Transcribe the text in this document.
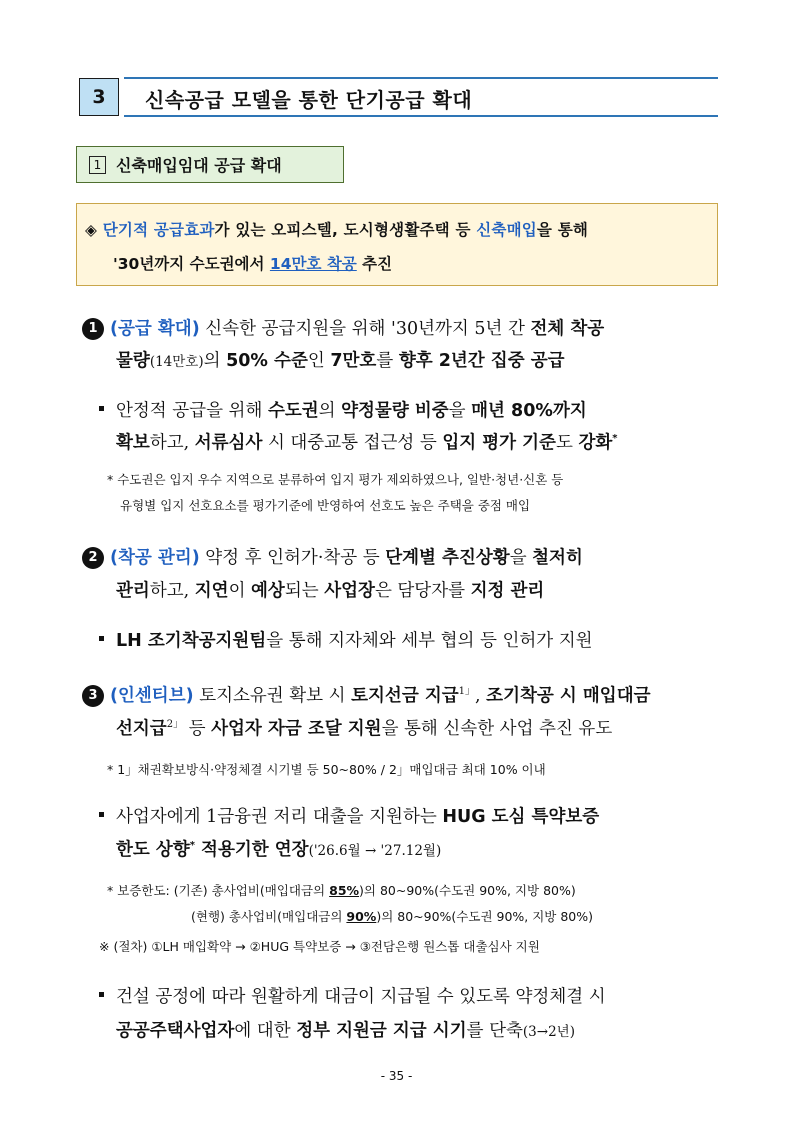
3 신속공급 모델을 통한 단기공급 확대
1 신축매입임대 공급 확대
◈ 단기적 공급효과가 있는 오피스텔, 도시형생활주택 등 신축매입을 통해
'30년까지 수도권에서 14만호 착공 추진
1 (공급 확대) 신속한 공급지원을 위해 '30년까지 5년 간 전체 착공
물량(14만호)의 50% 수준인 7만호를 향후 2년간 집중 공급
안정적 공급을 위해 수도권의 약정물량 비중을 매년 80%까지
확보하고, 서류심사 시 대중교통 접근성 등 입지 평가 기준도 강화*
* 수도권은 입지 우수 지역으로 분류하여 입지 평가 제외하였으나, 일반·청년·신혼 등
유형별 입지 선호요소를 평가기준에 반영하여 선호도 높은 주택을 중점 매입
2 (착공 관리) 약정 후 인허가·착공 등 단계별 추진상황을 철저히
관리하고, 지연이 예상되는 사업장은 담당자를 지정 관리
LH 조기착공지원팀을 통해 지자체와 세부 협의 등 인허가 지원
3 (인센티브) 토지소유권 확보 시 토지선금 지급$^{1」}$, 조기착공 시 매입대금
선지급$^{2」}$ 등 사업자 자금 조달 지원을 통해 신속한 사업 추진 유도
* 1」채권확보방식·약정체결 시기별 등 50~80% / 2」매입대금 최대 10% 이내
사업자에게 1금융권 저리 대출을 지원하는 HUG 도심 특약보증
한도 상향* 적용기한 연장('26.6월 → '27.12월)
* 보증한도: (기존) 총사업비(매입대금의 85%)의 80~90%(수도권 90%, 지방 80%)
(현행) 총사업비(매입대금의 90%)의 80~90%(수도권 90%, 지방 80%)
※ (절차) ①LH 매입확약 → ②HUG 특약보증 → ③전담은행 원스톱 대출심사 지원
건설 공정에 따라 원활하게 대금이 지급될 수 있도록 약정체결 시
공공주택사업자에 대한 정부 지원금 지급 시기를 단축(3→2년)
- 35 -
